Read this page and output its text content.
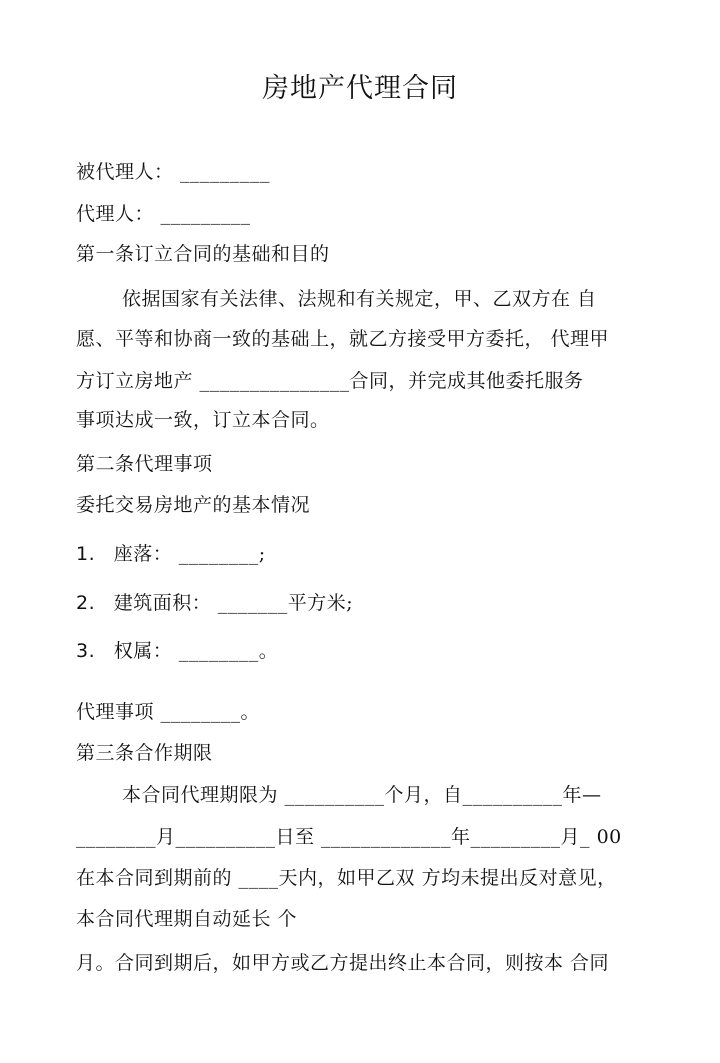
房地产代理合同
被代理人： _________
代理人： _________
第一条订立合同的基础和目的
依据国家有关法律、法规和有关规定，甲、乙双方在 自
愿、平等和协商一致的基础上，就乙方接受甲方委托， 代理甲
方订立房地产 _______________合同，并完成其他委托服务
事项达成一致，订立本合同。
第二条代理事项
委托交易房地产的基本情况
1. 座落： ________;
2. 建筑面积： _______平方米;
3. 权属： ________。
代理事项 ________。
第三条合作期限
本合同代理期限为 __________个月，自__________年—
________月__________日至 _____________年_________月_ 00
在本合同到期前的 ____天内，如甲乙双 方均未提出反对意见，
本合同代理期自动延长 个
月。合同到期后，如甲方或乙方提出终止本合同，则按本 合同
